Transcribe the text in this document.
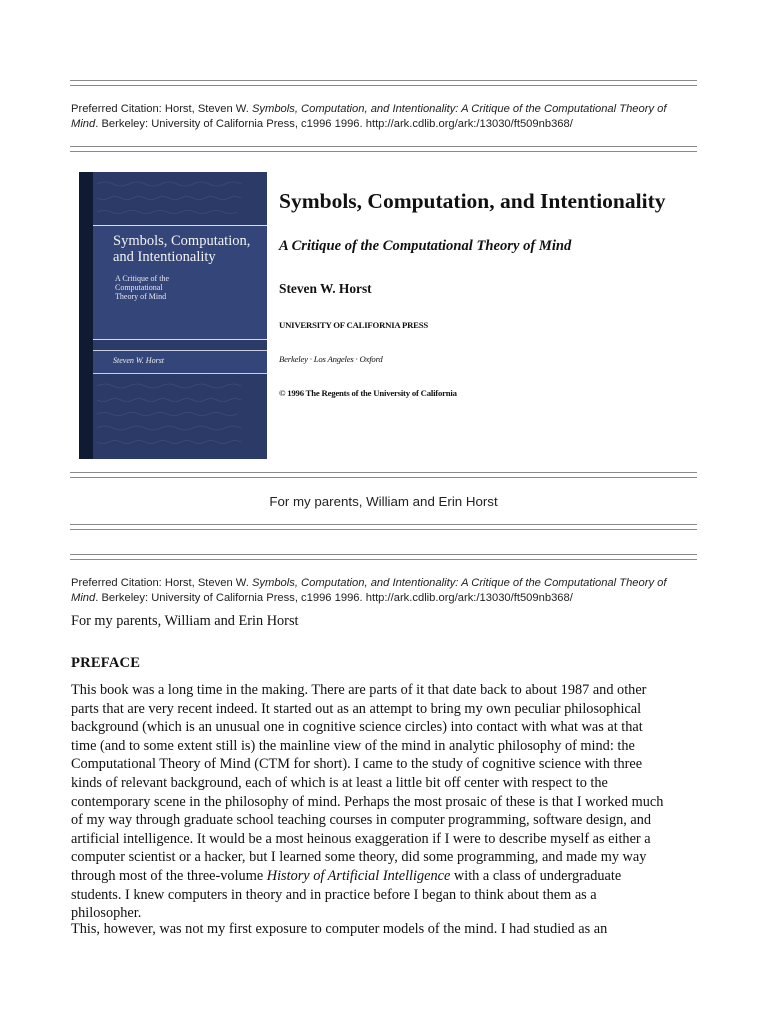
Preferred Citation: Horst, Steven W. Symbols, Computation, and Intentionality: A Critique of the Computational Theory of
Mind. Berkeley: University of California Press, c1996 1996. http://ark.cdlib.org/ark:/13030/ft509nb368/
Symbols, Computation,
and Intentionality
A Critique of the
Computational
Theory of Mind
Steven W. Horst
Symbols, Computation, and Intentionality
A Critique of the Computational Theory of Mind
Steven W. Horst
UNIVERSITY OF CALIFORNIA PRESS
Berkeley · Los Angeles · Oxford
© 1996 The Regents of the University of California
For my parents, William and Erin Horst
Preferred Citation: Horst, Steven W. Symbols, Computation, and Intentionality: A Critique of the Computational Theory of
Mind. Berkeley: University of California Press, c1996 1996. http://ark.cdlib.org/ark:/13030/ft509nb368/
For my parents, William and Erin Horst
PREFACE

This book was a long time in the making. There are parts of it that date back to about 1987 and other
parts that are very recent indeed. It started out as an attempt to bring my own peculiar philosophical
background (which is an unusual one in cognitive science circles) into contact with what was at that
time (and to some extent still is) the mainline view of the mind in analytic philosophy of mind: the
Computational Theory of Mind (CTM for short). I came to the study of cognitive science with three
kinds of relevant background, each of which is at least a little bit off center with respect to the
contemporary scene in the philosophy of mind. Perhaps the most prosaic of these is that I worked much
of my way through graduate school teaching courses in computer programming, software design, and
artificial intelligence. It would be a most heinous exaggeration if I were to describe myself as either a
computer scientist or a hacker, but I learned some theory, did some programming, and made my way
through most of the three-volume History of Artificial Intelligence with a class of undergraduate
students. I knew computers in theory and in practice before I began to think about them as a
philosopher.

This, however, was not my first exposure to computer models of the mind. I had studied as an
